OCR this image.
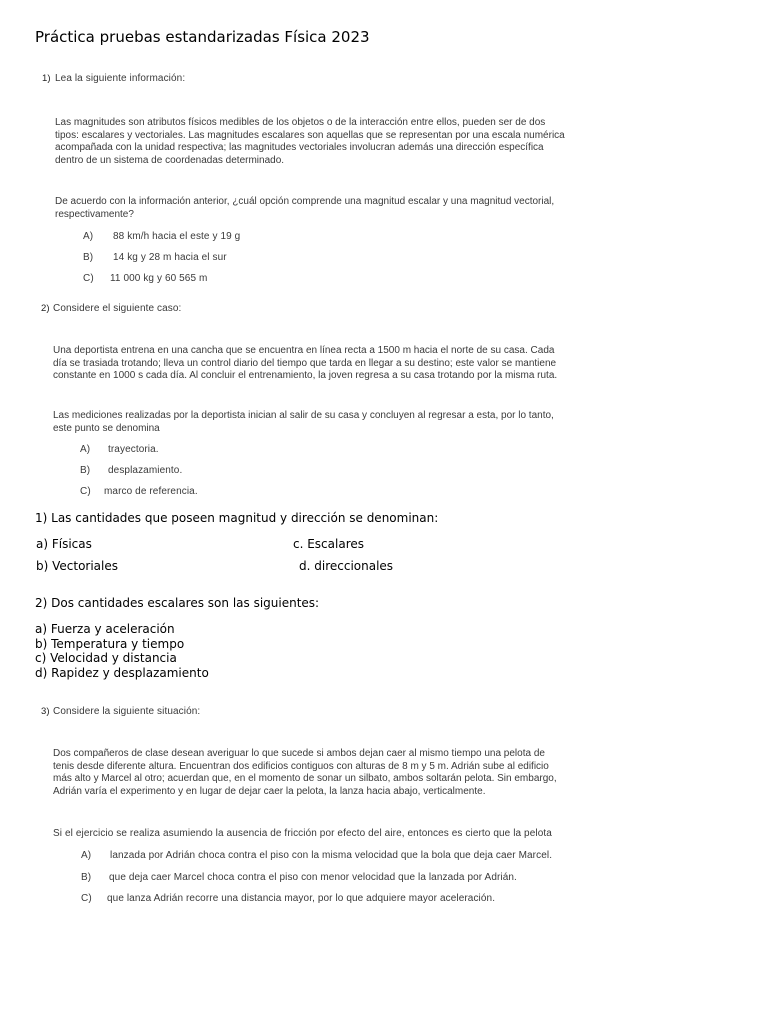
Práctica pruebas estandarizadas Física 2023
1) Lea la siguiente información:
Las magnitudes son atributos físicos medibles de los objetos o de la interacción entre ellos, pueden ser de dos
tipos: escalares y vectoriales. Las magnitudes escalares son aquellas que se representan por una escala numérica
acompañada con la unidad respectiva; las magnitudes vectoriales involucran además una dirección específica
dentro de un sistema de coordenadas determinado.
De acuerdo con la información anterior, ¿cuál opción comprende una magnitud escalar y una magnitud vectorial,
respectivamente?
A) 88 km/h hacia el este y 19 g
B) 14 kg y 28 m hacia el sur
C) 11 000 kg y 60 565 m
2) Considere el siguiente caso:
Una deportista entrena en una cancha que se encuentra en línea recta a 1500 m hacia el norte de su casa. Cada
día se trasiada trotando; lleva un control diario del tiempo que tarda en llegar a su destino; este valor se mantiene
constante en 1000 s cada día. Al concluir el entrenamiento, la joven regresa a su casa trotando por la misma ruta.
Las mediciones realizadas por la deportista inician al salir de su casa y concluyen al regresar a esta, por lo tanto,
este punto se denomina
A) trayectoria.
B) desplazamiento.
C) marco de referencia.
1) Las cantidades que poseen magnitud y dirección se denominan:
a) Físicas	c. Escalares
b) Vectoriales	d. direccionales
2) Dos cantidades escalares son las siguientes:
a) Fuerza y aceleración
b) Temperatura y tiempo
c) Velocidad y distancia
d) Rapidez y desplazamiento
3) Considere la siguiente situación:
Dos compañeros de clase desean averiguar lo que sucede si ambos dejan caer al mismo tiempo una pelota de
tenis desde diferente altura. Encuentran dos edificios contiguos con alturas de 8 m y 5 m. Adrián sube al edificio
más alto y Marcel al otro; acuerdan que, en el momento de sonar un silbato, ambos soltarán pelota. Sin embargo,
Adrián varía el experimento y en lugar de dejar caer la pelota, la lanza hacia abajo, verticalmente.
Si el ejercicio se realiza asumiendo la ausencia de fricción por efecto del aire, entonces es cierto que la pelota
A) lanzada por Adrián choca contra el piso con la misma velocidad que la bola que deja caer Marcel.
B) que deja caer Marcel choca contra el piso con menor velocidad que la lanzada por Adrián.
C) que lanza Adrián recorre una distancia mayor, por lo que adquiere mayor aceleración.
